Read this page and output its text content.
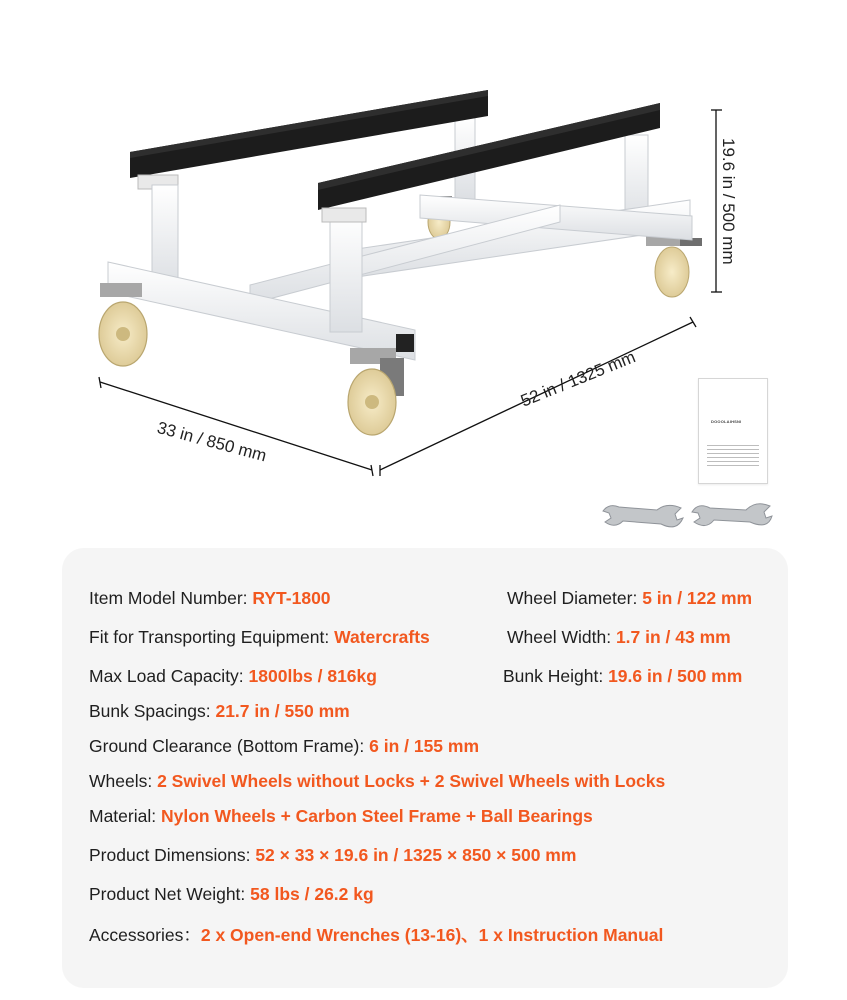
19.6 in / 500 mm
52 in / 1325 mm
33 in / 850 mm	DOOOLAIHSNI
Item Model Number: RYT-1800
Fit for Transporting Equipment: Watercrafts
Max Load Capacity: 1800lbs / 816kg
Wheel Diameter: 5 in / 122 mm
Wheel Width: 1.7 in / 43 mm
Bunk Height: 19.6 in / 500 mm
Bunk Spacings: 21.7 in / 550 mm
Ground Clearance (Bottom Frame): 6 in / 155 mm
Wheels: 2 Swivel Wheels without Locks + 2 Swivel Wheels with Locks
Material: Nylon Wheels + Carbon Steel Frame + Ball Bearings
Product Dimensions: 52 × 33 × 19.6 in / 1325 × 850 × 500 mm
Product Net Weight: 58 lbs / 26.2 kg
Accessories：2 x Open-end Wrenches (13-16)、1 x Instruction Manual
